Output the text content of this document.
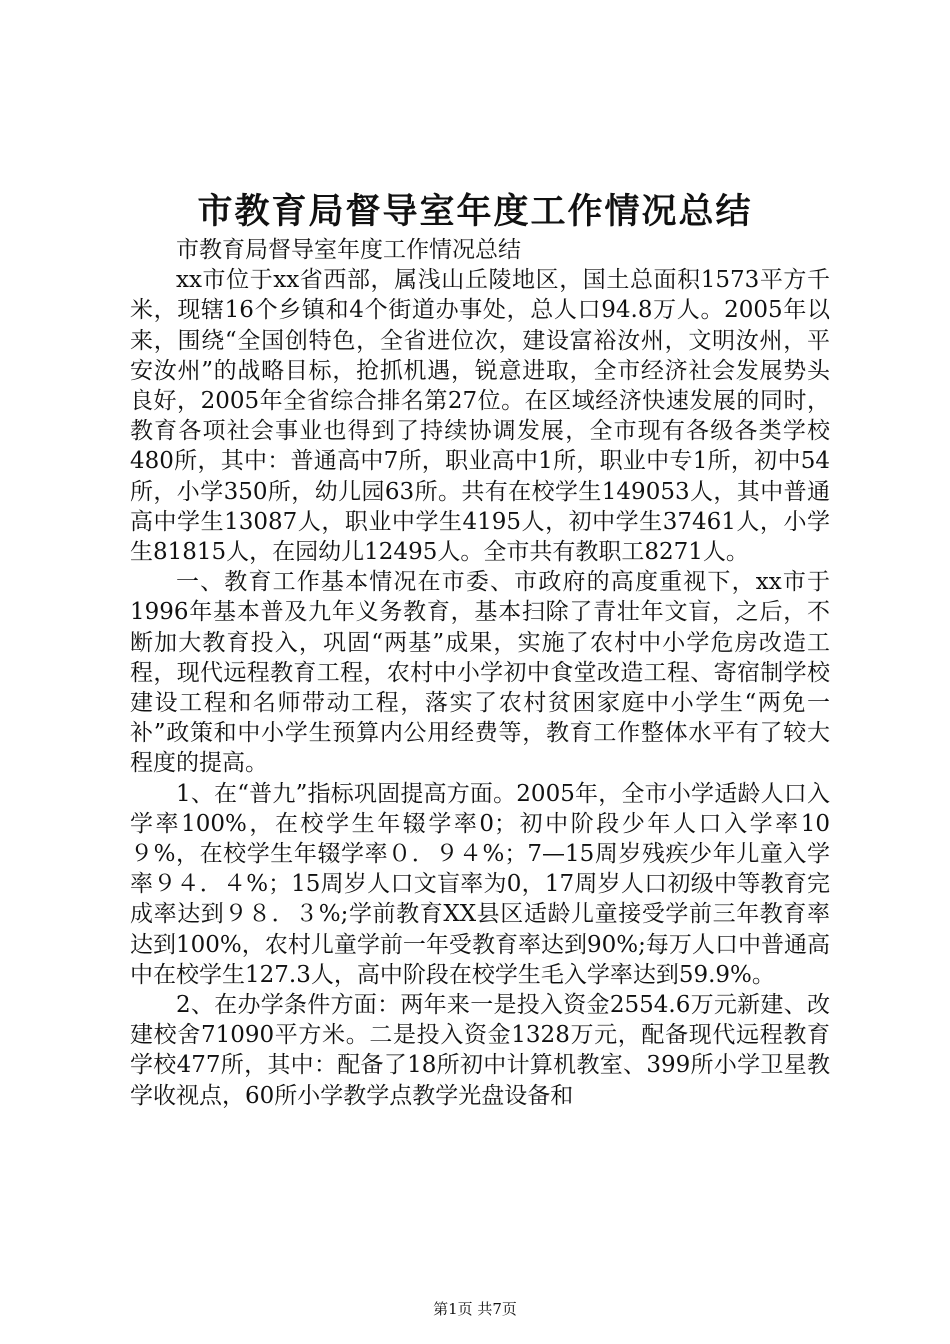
市教育局督导室年度工作情况总结

市教育局督导室年度工作情况总结

xx市位于xx省西部，属浅山丘陵地区，国土总面积1573平方千米，现辖16个乡镇和4个街道办事处，总人口94.8万人。2005年以来，围绕“全国创特色，全省进位次，建设富裕汝州，文明汝州，平安汝州”的战略目标，抢抓机遇，锐意进取，全市经济社会发展势头良好，2005年全省综合排名第27位。在区域经济快速发展的同时，教育各项社会事业也得到了持续协调发展，全市现有各级各类学校480所，其中：普通高中7所，职业高中1所，职业中专1所，初中54所，小学350所，幼儿园63所。共有在校学生149053人，其中普通高中学生13087人，职业中学生4195人，初中学生37461人，小学生81815人，在园幼儿12495人。全市共有教职工8271人。

一、教育工作基本情况在市委、市政府的高度重视下，xx市于1996年基本普及九年义务教育，基本扫除了青壮年文盲，之后，不断加大教育投入，巩固“两基”成果，实施了农村中小学危房改造工程，现代远程教育工程，农村中小学初中食堂改造工程、寄宿制学校建设工程和名师带动工程，落实了农村贫困家庭中小学生“两免一补”政策和中小学生预算内公用经费等，教育工作整体水平有了较大程度的提高。

1、在“普九”指标巩固提高方面。2005年，全市小学适龄人口入学率100%，在校学生年辍学率0；初中阶段少年人口入学率10９%，在校学生年辍学率０．９４%；7—15周岁残疾少年儿童入学率９４．４%；15周岁人口文盲率为0，17周岁人口初级中等教育完成率达到９８．３%;学前教育XX县区适龄儿童接受学前三年教育率达到100%，农村儿童学前一年受教育率达到90%;每万人口中普通高中在校学生127.3人，高中阶段在校学生毛入学率达到59.9%。

2、在办学条件方面：两年来一是投入资金2554.6万元新建、改建校舍71090平方米。二是投入资金1328万元，配备现代远程教育学校477所，其中：配备了18所初中计算机教室、399所小学卫星教学收视点，60所小学教学点教学光盘设备和

第1页 共7页
